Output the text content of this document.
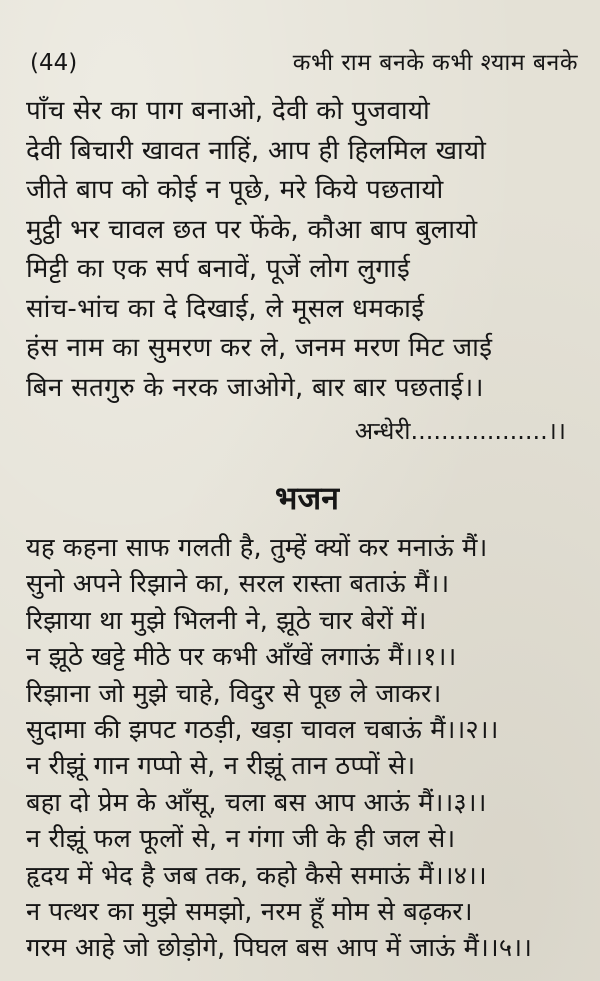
(44)	कभी राम बनके कभी श्याम बनके
पाँच सेर का पाग बनाओ, देवी को पुजवायो
देवी बिचारी खावत नाहिं, आप ही हिलमिल खायो
जीते बाप को कोई न पूछे, मरे किये पछतायो
मुट्ठी भर चावल छत पर फेंके, कौआ बाप बुलायो
मिट्टी का एक सर्प बनावें, पूजें लोग लुगाई
सांच-भांच का दे दिखाई, ले मूसल धमकाई
हंस नाम का सुमरण कर ले, जनम मरण मिट जाई
बिन सतगुरु के नरक जाओगे, बार बार पछताई।।
अन्धेरी..................।।
भजन
यह कहना साफ गलती है, तुम्हें क्यों कर मनाऊं मैं।
सुनो अपने रिझाने का, सरल रास्ता बताऊं मैं।।
रिझाया था मुझे भिलनी ने, झूठे चार बेरों में।
न झूठे खट्टे मीठे पर कभी आँखें लगाऊं मैं।।१।।
रिझाना जो मुझे चाहे, विदुर से पूछ ले जाकर।
सुदामा की झपट गठड़ी, खड़ा चावल चबाऊं मैं।।२।।
न रीझूं गान गप्पो से, न रीझूं तान ठप्पों से।
बहा दो प्रेम के आँसू, चला बस आप आऊं मैं।।३।।
न रीझूं फल फूलों से, न गंगा जी के ही जल से।
हृदय में भेद है जब तक, कहो कैसे समाऊं मैं।।४।।
न पत्थर का मुझे समझो, नरम हूँ मोम से बढ़कर।
गरम आहे जो छोड़ोगे, पिघल बस आप में जाऊं मैं।।५।।
